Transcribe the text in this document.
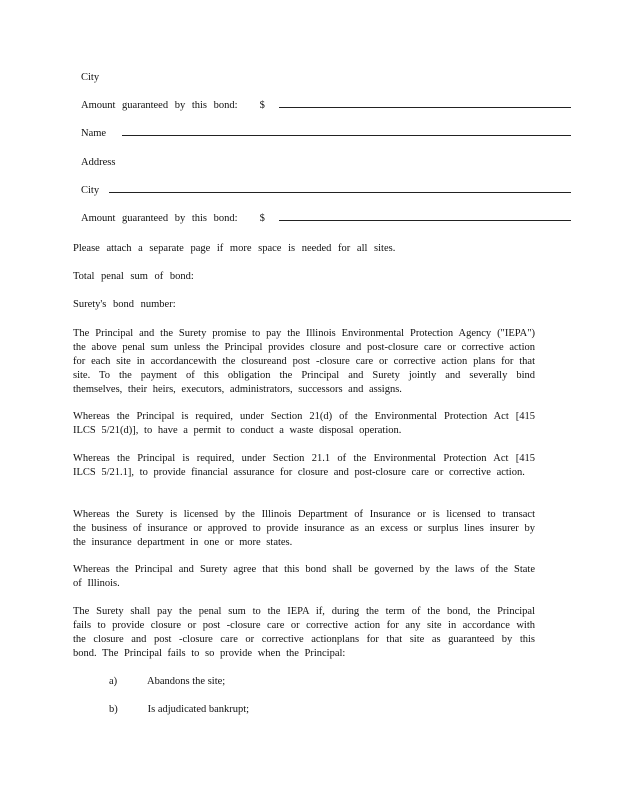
City
Amount guaranteed by this bond: $
Name
Address
City
Amount guaranteed by this bond: $
Please attach a separate page if more space is needed for all sites.
Total penal sum of bond:
Surety's bond number:

The Principal and the Surety promise to pay the Illinois Environmental Protection Agency ("IEPA") the above penal sum unless the Principal provides closure and post-closure care or corrective action for each site in accordancewith the closureand post -closure care or corrective action plans for that site. To the payment of this obligation the Principal and Surety jointly and severally bind themselves, their heirs, executors, administrators, successors and assigns.

Whereas the Principal is required, under Section 21(d) of the Environmental Protection Act [415 ILCS 5/21(d)], to have a permit to conduct a waste disposal operation.

Whereas the Principal is required, under Section 21.1 of the Environmental Protection Act [415 ILCS 5/21.1], to provide financial assurance for closure and post-closure care or corrective action.

Whereas the Surety is licensed by the Illinois Department of Insurance or is licensed to transact the business of insurance or approved to provide insurance as an excess or surplus lines insurer by the insurance department in one or more states.

Whereas the Principal and Surety agree that this bond shall be governed by the laws of the State of Illinois.

The Surety shall pay the penal sum to the IEPA if, during the term of the bond, the Principal fails to provide closure or post -closure care or corrective action for any site in accordance with the closure and post -closure care or corrective actionplans for that site as guaranteed by this bond. The Principal fails to so provide when the Principal:

a)	Abandons the site;
b)	Is adjudicated bankrupt;
